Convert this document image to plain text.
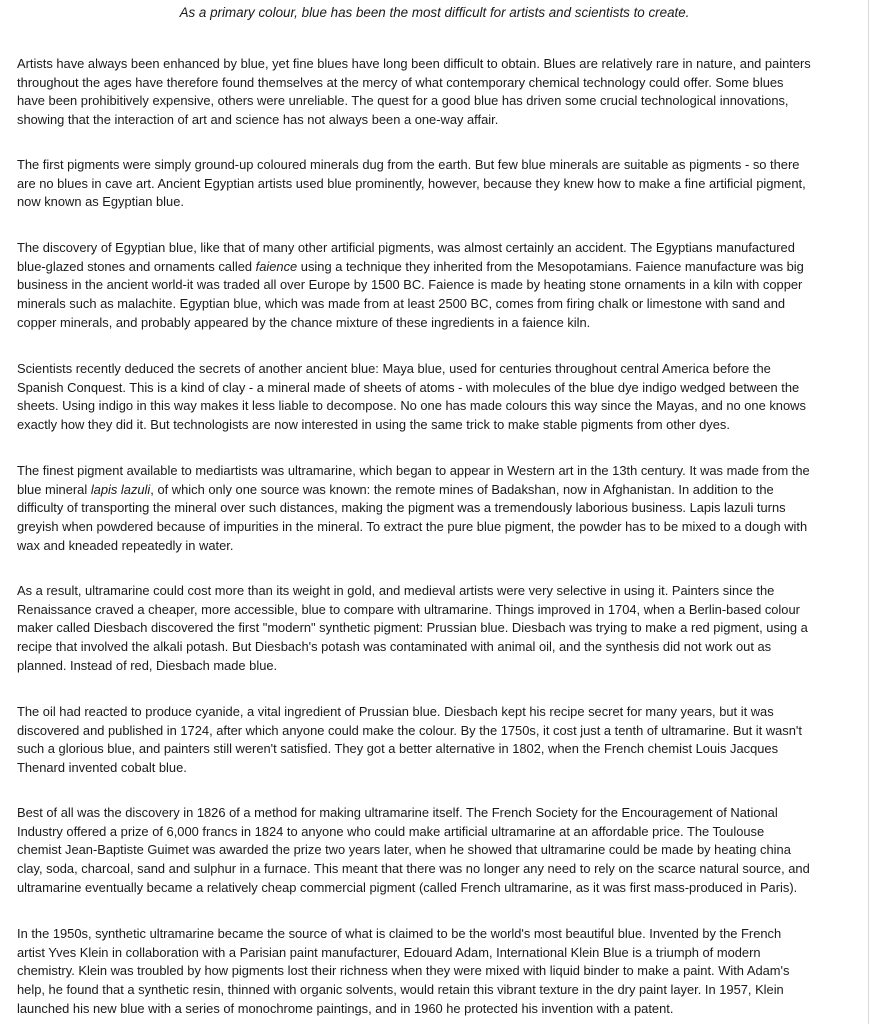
As a primary colour, blue has been the most difficult for artists and scientists to create.

Artists have always been enhanced by blue, yet fine blues have long been difficult to obtain. Blues are relatively rare in nature, and painters
throughout the ages have therefore found themselves at the mercy of what contemporary chemical technology could offer. Some blues
have been prohibitively expensive, others were unreliable. The quest for a good blue has driven some crucial technological innovations,
showing that the interaction of art and science has not always been a one-way affair.
The first pigments were simply ground-up coloured minerals dug from the earth. But few blue minerals are suitable as pigments - so there
are no blues in cave art. Ancient Egyptian artists used blue prominently, however, because they knew how to make a fine artificial pigment,
now known as Egyptian blue.
The discovery of Egyptian blue, like that of many other artificial pigments, was almost certainly an accident. The Egyptians manufactured
blue-glazed stones and ornaments called faience using a technique they inherited from the Mesopotamians. Faience manufacture was big
business in the ancient world-it was traded all over Europe by 1500 BC. Faience is made by heating stone ornaments in a kiln with copper
minerals such as malachite. Egyptian blue, which was made from at least 2500 BC, comes from firing chalk or limestone with sand and
copper minerals, and probably appeared by the chance mixture of these ingredients in a faience kiln.
Scientists recently deduced the secrets of another ancient blue: Maya blue, used for centuries throughout central America before the
Spanish Conquest. This is a kind of clay - a mineral made of sheets of atoms - with molecules of the blue dye indigo wedged between the
sheets. Using indigo in this way makes it less liable to decompose. No one has made colours this way since the Mayas, and no one knows
exactly how they did it. But technologists are now interested in using the same trick to make stable pigments from other dyes.
The finest pigment available to mediartists was ultramarine, which began to appear in Western art in the 13th century. It was made from the
blue mineral lapis lazuli, of which only one source was known: the remote mines of Badakshan, now in Afghanistan. In addition to the
difficulty of transporting the mineral over such distances, making the pigment was a tremendously laborious business. Lapis lazuli turns
greyish when powdered because of impurities in the mineral. To extract the pure blue pigment, the powder has to be mixed to a dough with
wax and kneaded repeatedly in water.
As a result, ultramarine could cost more than its weight in gold, and medieval artists were very selective in using it. Painters since the
Renaissance craved a cheaper, more accessible, blue to compare with ultramarine. Things improved in 1704, when a Berlin-based colour
maker called Diesbach discovered the first "modern" synthetic pigment: Prussian blue. Diesbach was trying to make a red pigment, using a
recipe that involved the alkali potash. But Diesbach's potash was contaminated with animal oil, and the synthesis did not work out as
planned. Instead of red, Diesbach made blue.
The oil had reacted to produce cyanide, a vital ingredient of Prussian blue. Diesbach kept his recipe secret for many years, but it was
discovered and published in 1724, after which anyone could make the colour. By the 1750s, it cost just a tenth of ultramarine. But it wasn't
such a glorious blue, and painters still weren't satisfied. They got a better alternative in 1802, when the French chemist Louis Jacques
Thenard invented cobalt blue.
Best of all was the discovery in 1826 of a method for making ultramarine itself. The French Society for the Encouragement of National
Industry offered a prize of 6,000 francs in 1824 to anyone who could make artificial ultramarine at an affordable price. The Toulouse
chemist Jean-Baptiste Guimet was awarded the prize two years later, when he showed that ultramarine could be made by heating china
clay, soda, charcoal, sand and sulphur in a furnace. This meant that there was no longer any need to rely on the scarce natural source, and
ultramarine eventually became a relatively cheap commercial pigment (called French ultramarine, as it was first mass-produced in Paris).
In the 1950s, synthetic ultramarine became the source of what is claimed to be the world's most beautiful blue. Invented by the French
artist Yves Klein in collaboration with a Parisian paint manufacturer, Edouard Adam, International Klein Blue is a triumph of modern
chemistry. Klein was troubled by how pigments lost their richness when they were mixed with liquid binder to make a paint. With Adam's
help, he found that a synthetic resin, thinned with organic solvents, would retain this vibrant texture in the dry paint layer. In 1957, Klein
launched his new blue with a series of monochrome paintings, and in 1960 he protected his invention with a patent.
